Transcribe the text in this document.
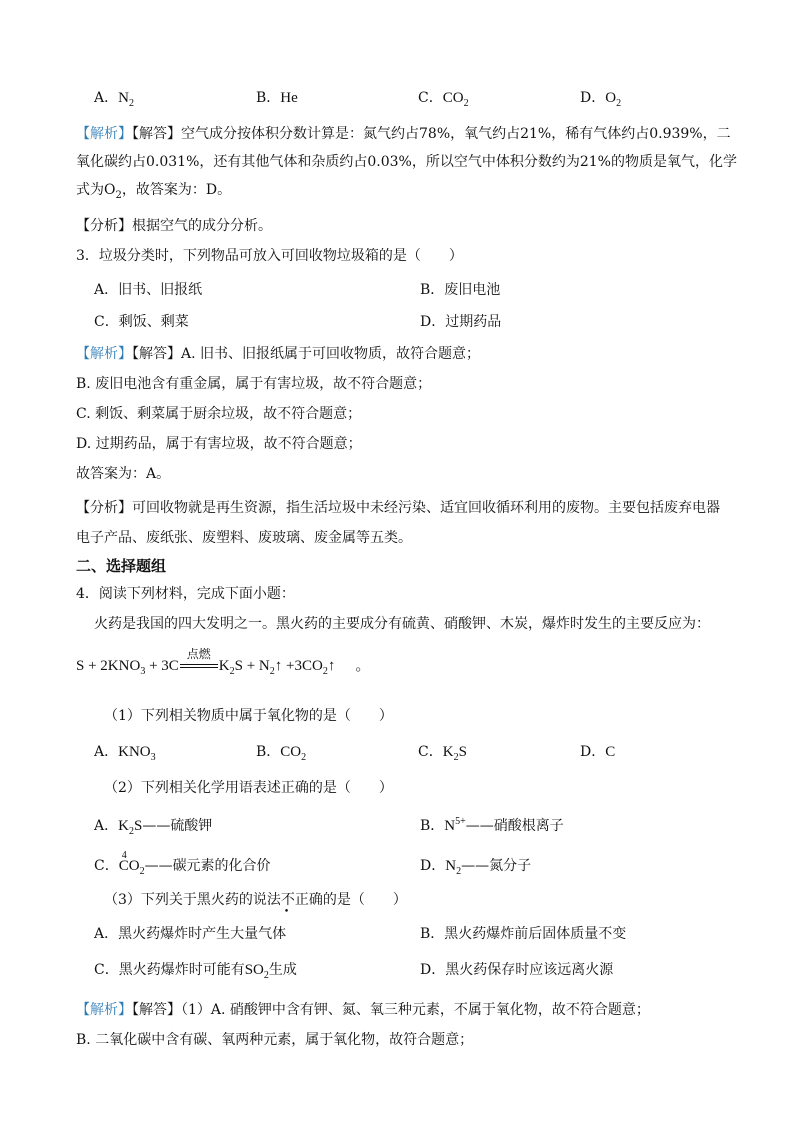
A．$N_2$	B．He	C．$CO_2$	D．$O_2$
【解析】【解答】空气成分按体积分数计算是：氮气约占78%，氧气约占21%，稀有气体约占0.939%，二
氧化碳约占0.031%，还有其他气体和杂质约占0.03%，所以空气中体积分数约为21%的物质是氧气，化学
式为$O_2$，故答案为：D。
【分析】根据空气的成分分析。
3．垃圾分类时，下列物品可放入可回收物垃圾箱的是（　　）
A．旧书、旧报纸	B．废旧电池
C．剩饭、剩菜	D．过期药品
【解析】【解答】A. 旧书、旧报纸属于可回收物质，故符合题意；
B. 废旧电池含有重金属，属于有害垃圾，故不符合题意；
C. 剩饭、剩菜属于厨余垃圾，故不符合题意；
D. 过期药品，属于有害垃圾，故不符合题意；
故答案为：A。
【分析】可回收物就是再生资源，指生活垃圾中未经污染、适宜回收循环利用的废物。主要包括废弃电器
电子产品、废纸张、废塑料、废玻璃、废金属等五类。
二、选择题组
4．阅读下列材料，完成下面小题：
火药是我国的四大发明之一。黑火药的主要成分有硫黄、硝酸钾、木炭，爆炸时发生的主要反应为：
$S + 2KNO_3 + 3C$
点燃
$K_2S$ + $N_2↑$ $+3CO_2↑$ 。
（1）下列相关物质中属于氧化物的是（　　）
A．$KNO_3$	B．$CO_2$	C．$K_2S$	D．C
（2）下列相关化学用语表述正确的是（　　）
A．$K_2S——$硫酸钾	B．$N^{5+}——$硝酸根离子
C．
4
$CO_2——$碳元素的化合价	D．$N_2——$氮分子
（3）下列关于黑火药的说法不正确的是（　　）
A．黑火药爆炸时产生大量气体	B．黑火药爆炸前后固体质量不变
C．黑火药爆炸时可能有$SO_2$生成	D．黑火药保存时应该远离火源
【解析】【解答】（1）A. 硝酸钾中含有钾、氮、氧三种元素，不属于氧化物，故不符合题意；
B. 二氧化碳中含有碳、氧两种元素，属于氧化物，故符合题意；
